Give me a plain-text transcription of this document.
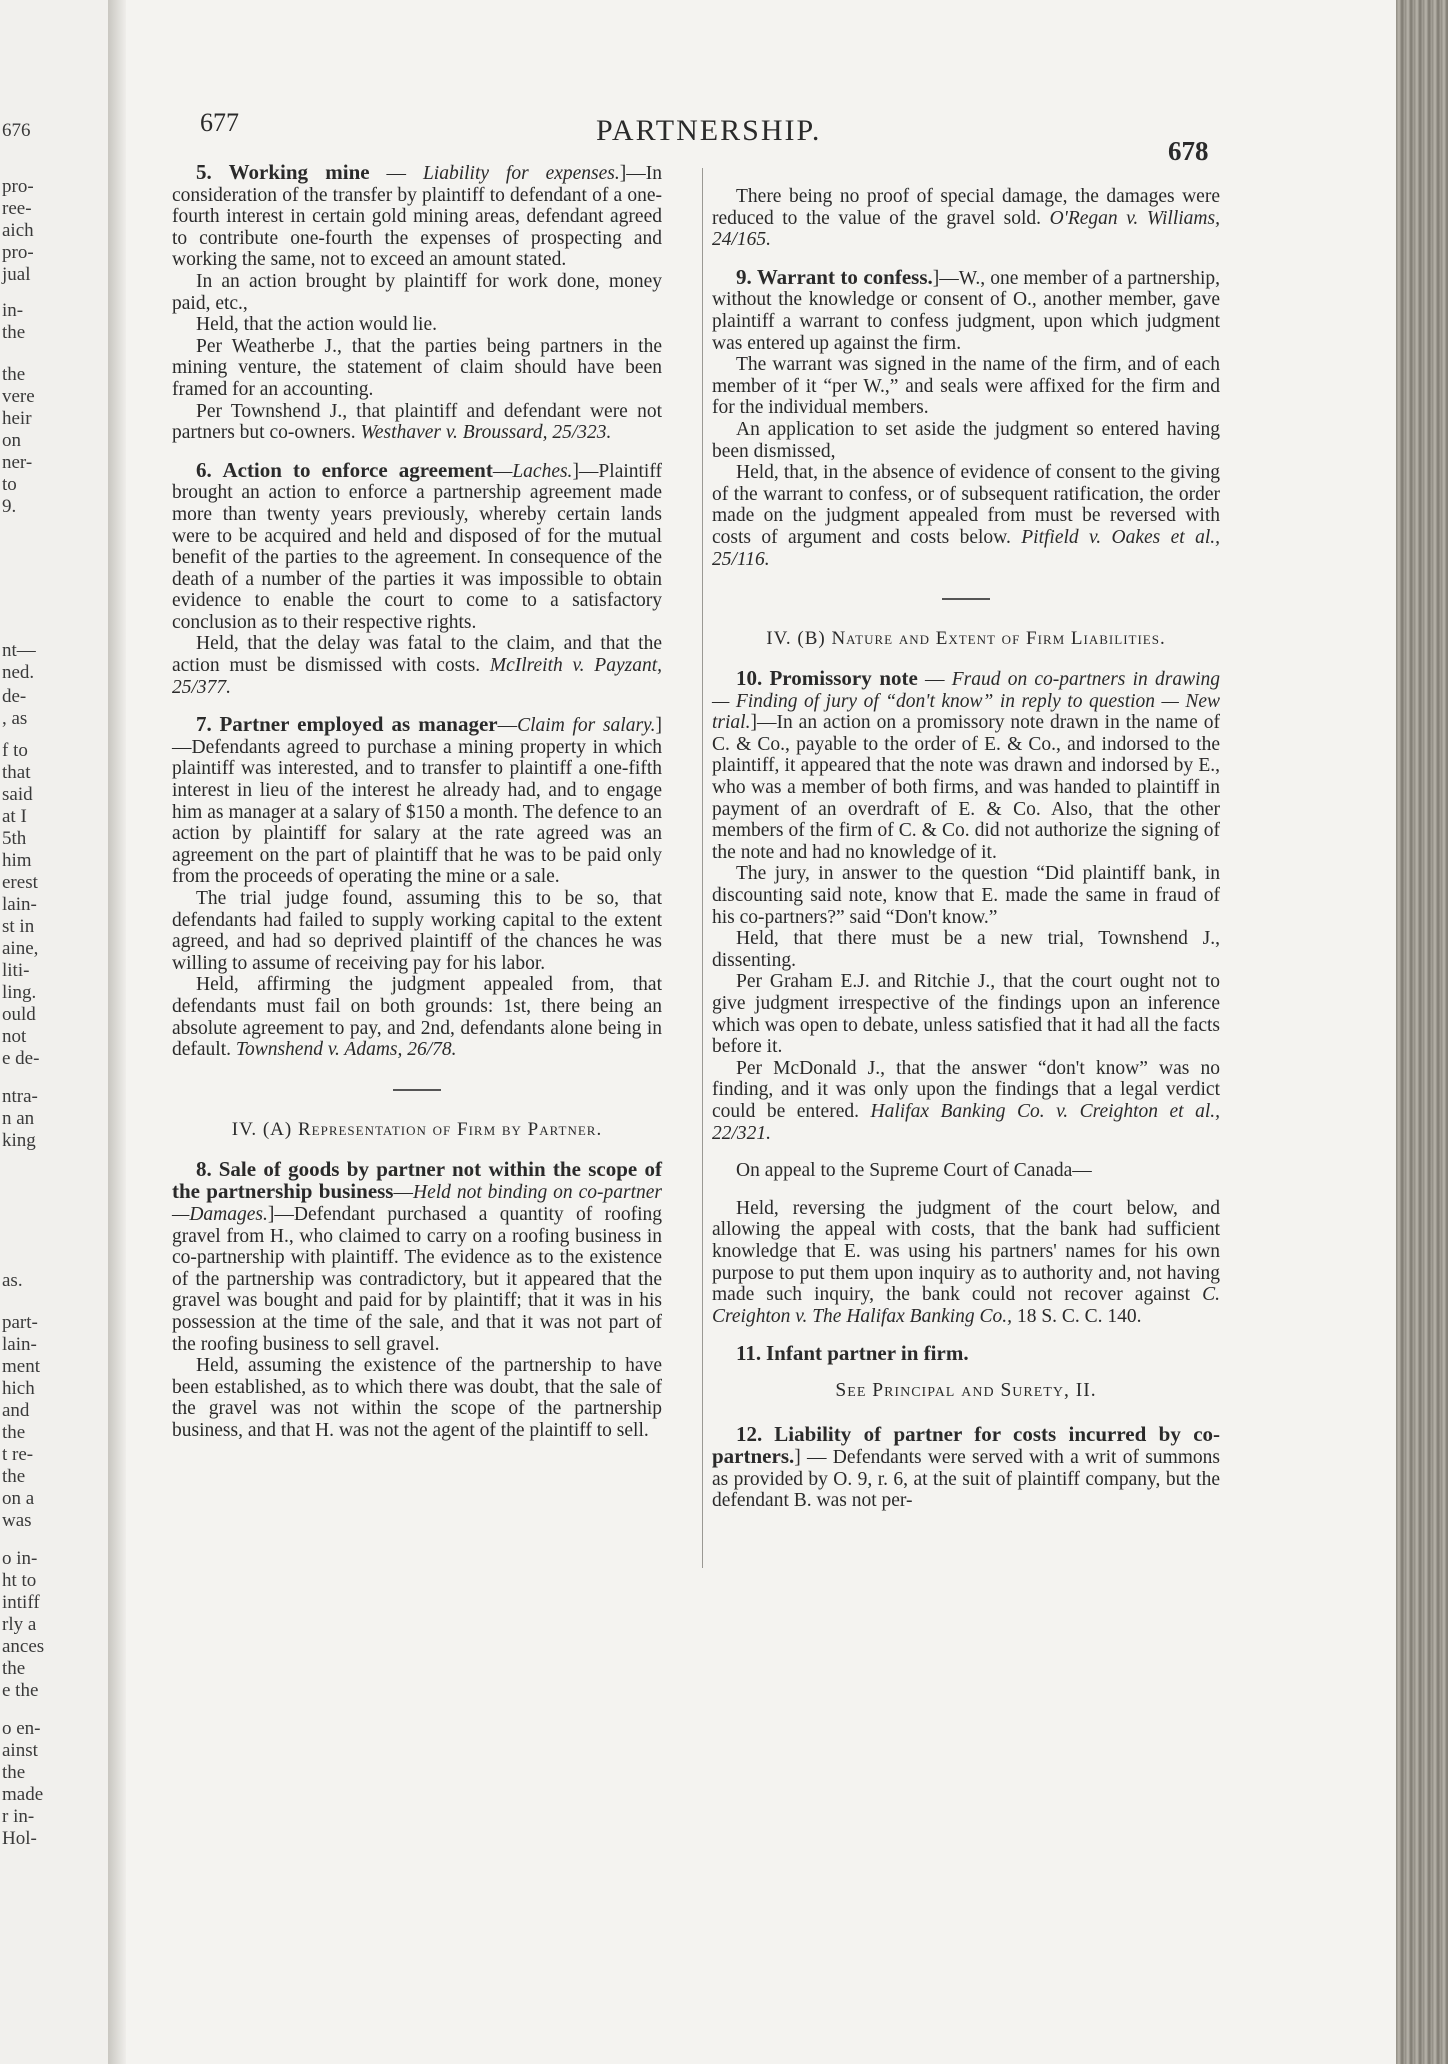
676
pro-
ree-
aich
pro-
jual
in-
the
the
vere
heir
on
ner-
to
9.
nt—
ned.
de-
, as
f to
that
said
at I
5th
him
erest
lain-
st in
aine,
liti-
ling.
ould
not
e de-
ntra-
n an
king
as.
part-
lain-
ment
hich
and
the
t re-
the
on a
was
o in-
ht to
intiff
rly a
ances
the
e the
o en-
ainst
the
made
r in-
Hol-
677	PARTNERSHIP.
678

5. Working mine — Liability for expenses.]—In consideration of the transfer by plaintiff to defendant of a one-fourth interest in certain gold mining areas, defendant agreed to contribute one-fourth the expenses of prospecting and working the same, not to exceed an amount stated.

In an action brought by plaintiff for work done, money paid, etc.,

Held, that the action would lie.

Per Weatherbe J., that the parties being partners in the mining venture, the statement of claim should have been framed for an accounting.

Per Townshend J., that plaintiff and defendant were not partners but co-owners. Westhaver v. Broussard, 25/323.

6. Action to enforce agreement—Laches.]—Plaintiff brought an action to enforce a partnership agreement made more than twenty years previously, whereby certain lands were to be acquired and held and disposed of for the mutual benefit of the parties to the agreement. In consequence of the death of a number of the parties it was impossible to obtain evidence to enable the court to come to a satisfactory conclusion as to their respective rights.

Held, that the delay was fatal to the claim, and that the action must be dismissed with costs. McIlreith v. Payzant, 25/377.

7. Partner employed as manager—Claim for salary.]—Defendants agreed to purchase a mining property in which plaintiff was interested, and to transfer to plaintiff a one-fifth interest in lieu of the interest he already had, and to engage him as manager at a salary of $150 a month. The defence to an action by plaintiff for salary at the rate agreed was an agreement on the part of plaintiff that he was to be paid only from the proceeds of operating the mine or a sale.

The trial judge found, assuming this to be so, that defendants had failed to supply working capital to the extent agreed, and had so deprived plaintiff of the chances he was willing to assume of receiving pay for his labor.

Held, affirming the judgment appealed from, that defendants must fail on both grounds: 1st, there being an absolute agreement to pay, and 2nd, defendants alone being in default. Townshend v. Adams, 26/78.

IV. (A) Representation of Firm by Partner.

8. Sale of goods by partner not within the scope of the partnership business—Held not binding on co-partner—Damages.]—Defendant purchased a quantity of roofing gravel from H., who claimed to carry on a roofing business in co-partnership with plaintiff. The evidence as to the existence of the partnership was contradictory, but it appeared that the gravel was bought and paid for by plaintiff; that it was in his possession at the time of the sale, and that it was not part of the roofing business to sell gravel.

Held, assuming the existence of the partnership to have been established, as to which there was doubt, that the sale of the gravel was not within the scope of the partnership business, and that H. was not the agent of the plaintiff to sell.

There being no proof of special damage, the damages were reduced to the value of the gravel sold. O'Regan v. Williams, 24/165.

9. Warrant to confess.]—W., one member of a partnership, without the knowledge or consent of O., another member, gave plaintiff a warrant to confess judgment, upon which judgment was entered up against the firm.

The warrant was signed in the name of the firm, and of each member of it “per W.,” and seals were affixed for the firm and for the individual members.

An application to set aside the judgment so entered having been dismissed,

Held, that, in the absence of evidence of consent to the giving of the warrant to confess, or of subsequent ratification, the order made on the judgment appealed from must be reversed with costs of argument and costs below. Pitfield v. Oakes et al., 25/116.

IV. (B) Nature and Extent of Firm Liabilities.

10. Promissory note — Fraud on co-partners in drawing — Finding of jury of “don't know” in reply to question — New trial.]—In an action on a promissory note drawn in the name of C. & Co., payable to the order of E. & Co., and indorsed to the plaintiff, it appeared that the note was drawn and indorsed by E., who was a member of both firms, and was handed to plaintiff in payment of an overdraft of E. & Co. Also, that the other members of the firm of C. & Co. did not authorize the signing of the note and had no knowledge of it.

The jury, in answer to the question “Did plaintiff bank, in discounting said note, know that E. made the same in fraud of his co-partners?” said “Don't know.”

Held, that there must be a new trial, Townshend J., dissenting.

Per Graham E.J. and Ritchie J., that the court ought not to give judgment irrespective of the findings upon an inference which was open to debate, unless satisfied that it had all the facts before it.

Per McDonald J., that the answer “don't know” was no finding, and it was only upon the findings that a legal verdict could be entered. Halifax Banking Co. v. Creighton et al., 22/321.

On appeal to the Supreme Court of Canada—

Held, reversing the judgment of the court below, and allowing the appeal with costs, that the bank had sufficient knowledge that E. was using his partners' names for his own purpose to put them upon inquiry as to authority and, not having made such inquiry, the bank could not recover against C. Creighton v. The Halifax Banking Co., 18 S. C. C. 140.

11. Infant partner in firm.

See Principal and Surety, II.

12. Liability of partner for costs incurred by co-partners.] — Defendants were served with a writ of summons as provided by O. 9, r. 6, at the suit of plaintiff company, but the defendant B. was not per-
